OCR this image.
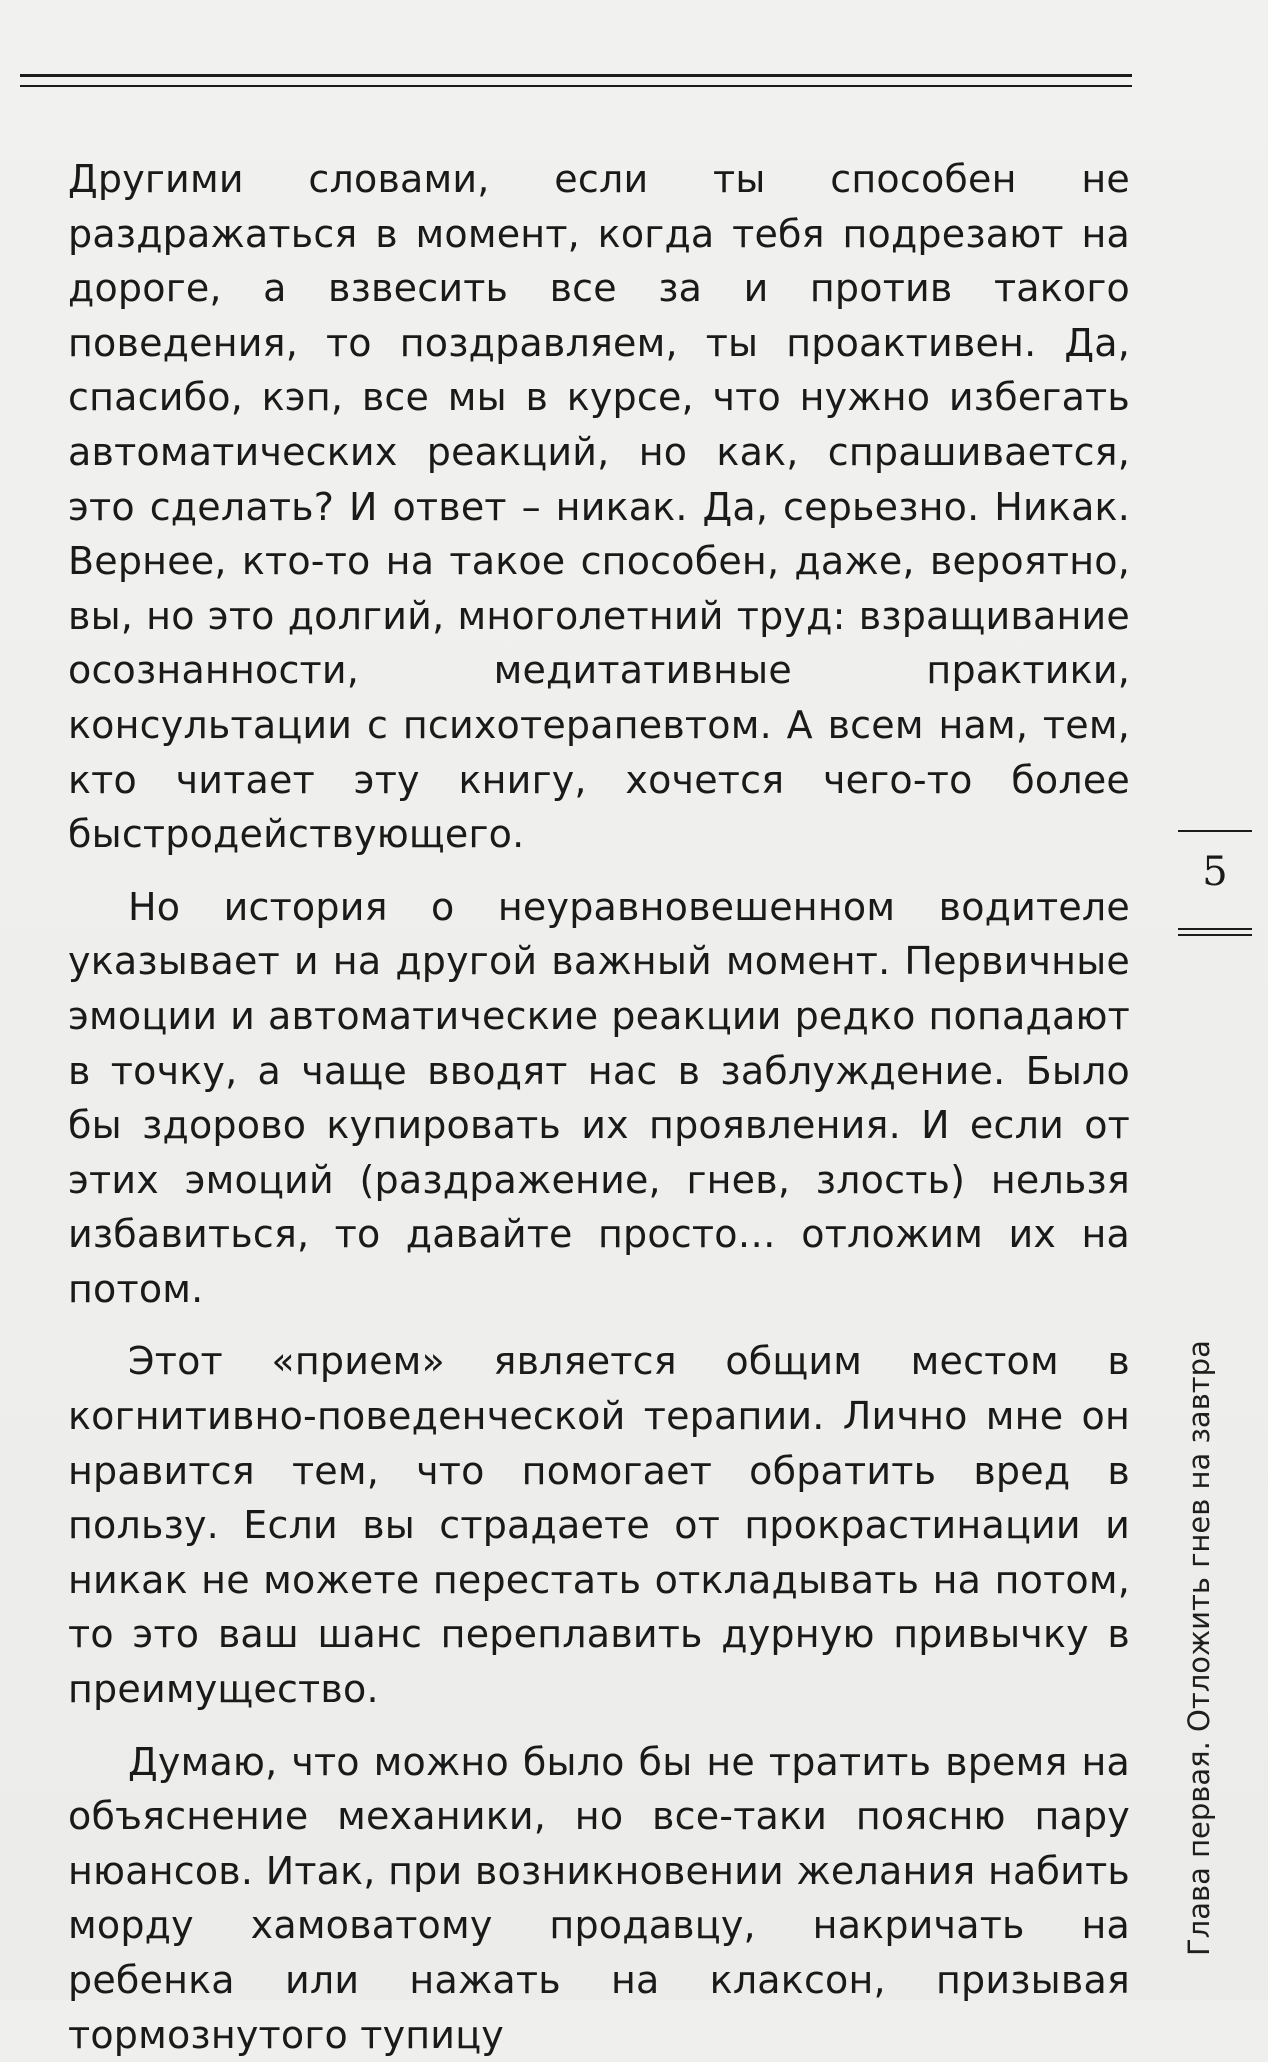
Другими словами, если ты способен не раздражаться в момент, когда тебя подрезают на дороге, а взвесить все за и против такого поведения, то поздравляем, ты проактивен. Да, спасибо, кэп, все мы в курсе, что нужно избегать автоматических реакций, но как, спрашивается, это сделать? И ответ – никак. Да, серьезно. Никак. Вернее, кто-то на такое способен, даже, вероятно, вы, но это долгий, многолетний труд: взращивание осознанности, медитативные практики, консультации с психотерапевтом. А всем нам, тем, кто читает эту книгу, хочется чего-то более быстродействующего.

Но история о неуравновешенном водителе указывает и на другой важный момент. Первичные эмоции и автоматические реакции редко попадают в точку, а чаще вводят нас в заблуждение. Было бы здорово купировать их проявления. И если от этих эмоций (раздражение, гнев, злость) нельзя избавиться, то давайте просто… отложим их на потом.

Этот «прием» является общим местом в когнитивно-поведенческой терапии. Лично мне он нравится тем, что помогает обратить вред в пользу. Если вы страдаете от прокрастинации и никак не можете перестать откладывать на потом, то это ваш шанс переплавить дурную привычку в преимущество.

Думаю, что можно было бы не тратить время на объяснение механики, но все-таки поясню пару нюансов. Итак, при возникновении желания набить морду хамоватому продавцу, накричать на ребенка или нажать на клаксон, призывая тормознутого тупицу

5
Глава первая. Отложить гнев на завтра
